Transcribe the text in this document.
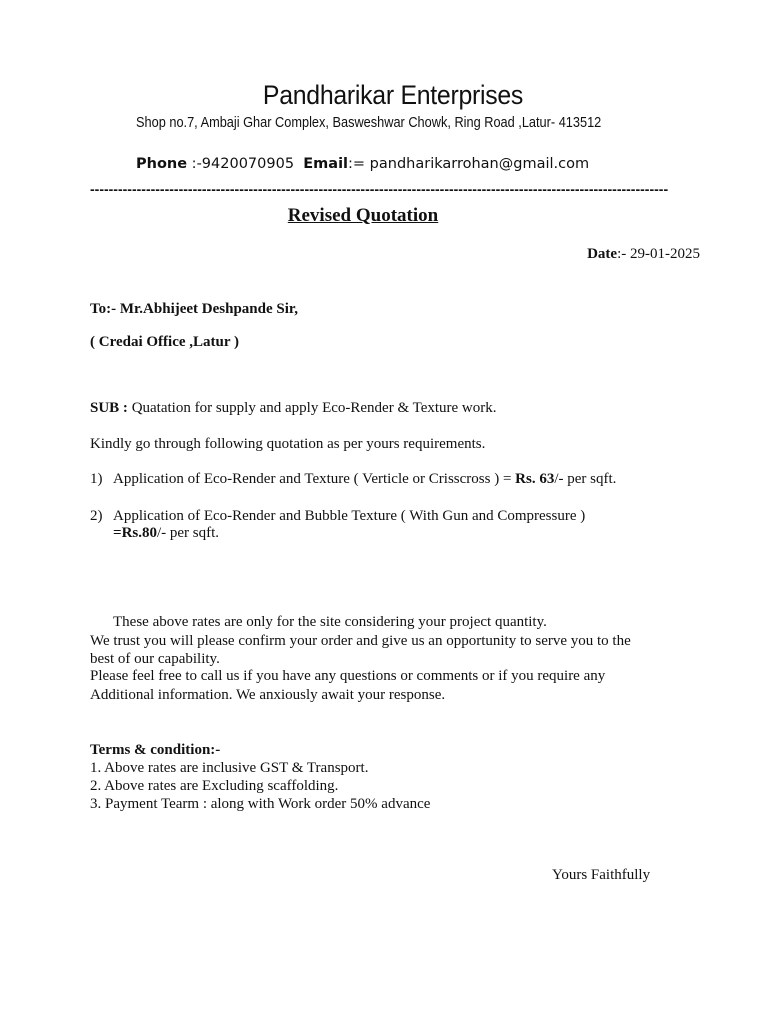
Pandharikar Enterprises
Shop no.7, Ambaji Ghar Complex, Basweshwar Chowk, Ring Road ,Latur- 413512
Phone :-9420070905  Email:= pandharikarrohan@gmail.com
----------------------------------------------------------------------------------------------------------------------------
Revised Quotation
Date:- 29-01-2025
To:- Mr.Abhijeet Deshpande Sir,
( Credai Office ,Latur )
SUB : Quatation for supply and apply Eco-Render & Texture work.
Kindly go through following quotation as per yours requirements.
1) Application of Eco-Render and Texture ( Verticle or Crisscross ) = Rs. 63/- per sqft.
2) Application of Eco-Render and Bubble Texture ( With Gun and Compressure )
=Rs.80/- per sqft.
These above rates are only for the site considering your project quantity.
We trust you will please confirm your order and give us an opportunity to serve you to the
best of our capability.
Please feel free to call us if you have any questions or comments or if you require any
Additional information. We anxiously await your response.
Terms & condition:-
1. Above rates are inclusive GST & Transport.
2. Above rates are Excluding scaffolding.
3. Payment Tearm : along with Work order 50% advance
Yours Faithfully
